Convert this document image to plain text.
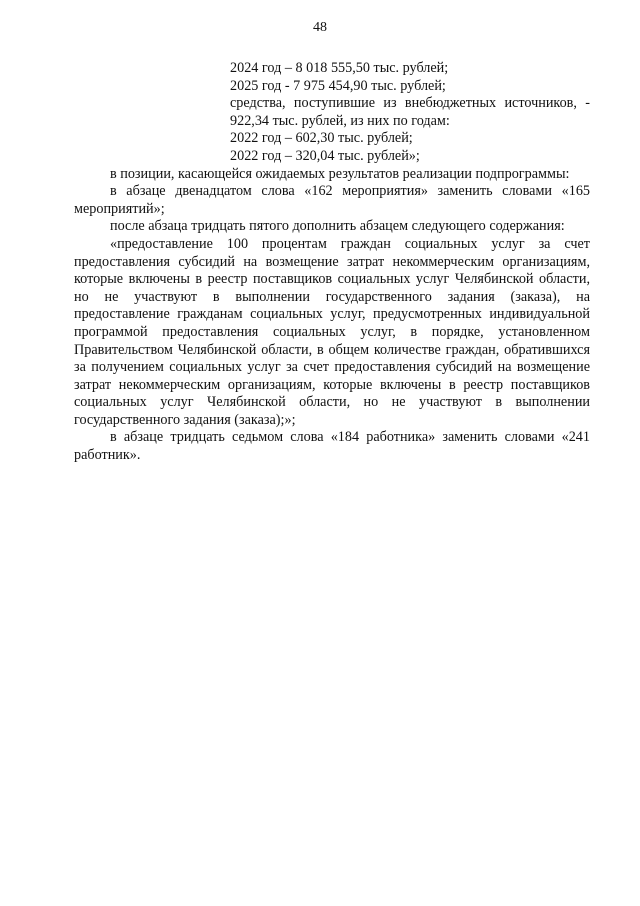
48

2024 год – 8 018 555,50 тыс. рублей;

2025 год - 7 975 454,90 тыс. рублей;

средства, поступившие из внебюджетных источников, - 922,34 тыс. рублей, из них по годам:

2022 год – 602,30 тыс. рублей;

2022 год – 320,04 тыс. рублей»;

в позиции, касающейся ожидаемых результатов реализации подпрограммы:

в абзаце двенадцатом слова «162 мероприятия» заменить словами «165 мероприятий»;

после абзаца тридцать пятого дополнить абзацем следующего содержания:

«предоставление 100 процентам граждан социальных услуг за счет предоставления субсидий на возмещение затрат некоммерческим организациям, которые включены в реестр поставщиков социальных услуг Челябинской области, но не участвуют в выполнении государственного задания (заказа), на предоставление гражданам социальных услуг, предусмотренных индивидуальной программой предоставления социальных услуг, в порядке, установленном Правительством Челябинской области, в общем количестве граждан, обратившихся за получением социальных услуг за счет предоставления субсидий на возмещение затрат некоммерческим организациям, которые включены в реестр поставщиков социальных услуг Челябинской области, но не участвуют в выполнении государственного задания (заказа);»;

в абзаце тридцать седьмом слова «184 работника» заменить словами «241 работник».
